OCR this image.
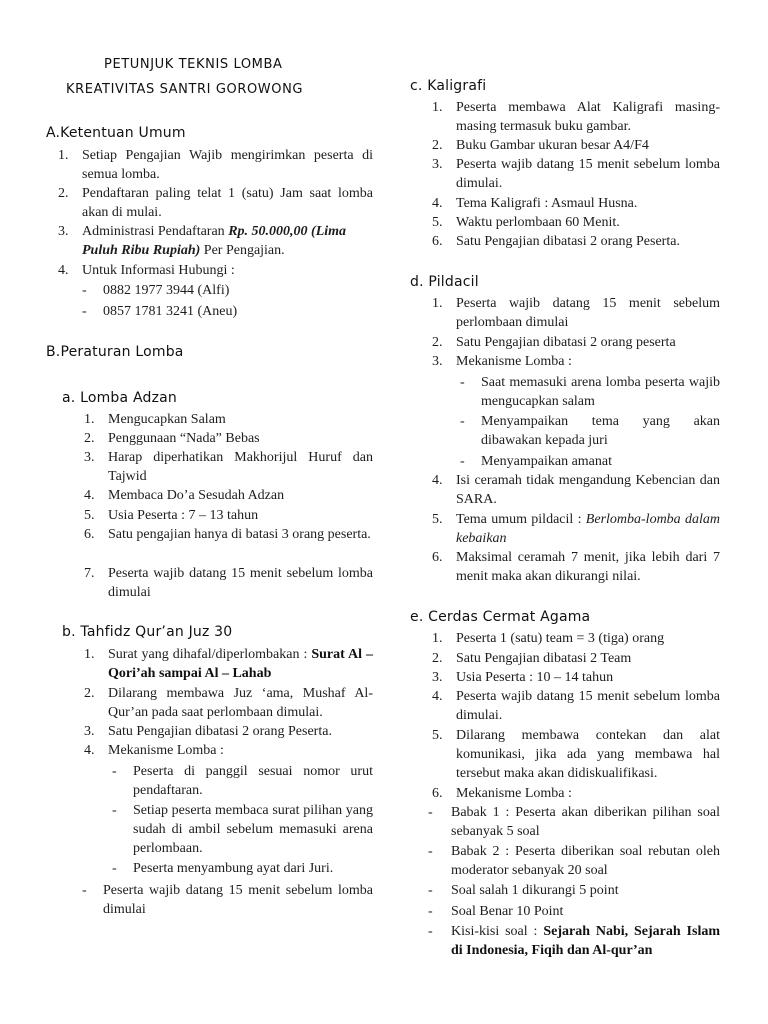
PETUNJUK TEKNIS LOMBA
KREATIVITAS SANTRI GOROWONG
A.Ketentuan Umum
1. Setiap Pengajian Wajib mengirimkan peserta di semua lomba.
2. Pendaftaran paling telat 1 (satu) Jam saat lomba akan di mulai.
3. Administrasi Pendaftaran Rp. 50.000,00 (Lima Puluh Ribu Rupiah) Per Pengajian.
4. Untuk Informasi Hubungi :
- 0882 1977 3944 (Alfi)
- 0857 1781 3241 (Aneu)
B.Peraturan Lomba
a. Lomba Adzan
1. Mengucapkan Salam
2. Penggunaan “Nada” Bebas
3. Harap diperhatikan Makhorijul Huruf dan Tajwid
4. Membaca Do’a Sesudah Adzan
5. Usia Peserta : 7 – 13 tahun
6. Satu pengajian hanya di batasi 3 orang peserta.
7. Peserta wajib datang 15 menit sebelum lomba dimulai
b. Tahfidz Qur’an Juz 30
1. Surat yang dihafal/diperlombakan : Surat Al – Qori’ah sampai Al – Lahab
2. Dilarang membawa Juz ‘ama, Mushaf Al-Qur’an pada saat perlombaan dimulai.
3. Satu Pengajian dibatasi 2 orang Peserta.
4. Mekanisme Lomba :
- Peserta di panggil sesuai nomor urut pendaftaran.
- Setiap peserta membaca surat pilihan yang sudah di ambil sebelum memasuki arena perlombaan.
- Peserta menyambung ayat dari Juri.
- Peserta wajib datang 15 menit sebelum lomba dimulai
c. Kaligrafi
1. Peserta membawa Alat Kaligrafi masing-masing termasuk buku gambar.
2. Buku Gambar ukuran besar A4/F4
3. Peserta wajib datang 15 menit sebelum lomba dimulai.
4. Tema Kaligrafi : Asmaul Husna.
5. Waktu perlombaan 60 Menit.
6. Satu Pengajian dibatasi 2 orang Peserta.
d. Pildacil
1. Peserta wajib datang 15 menit sebelum perlombaan dimulai
2. Satu Pengajian dibatasi 2 orang peserta
3. Mekanisme Lomba :
- Saat memasuki arena lomba peserta wajib mengucapkan salam
- Menyampaikan tema yang akan dibawakan kepada juri
- Menyampaikan amanat
4. Isi ceramah tidak mengandung Kebencian dan SARA.
5. Tema umum pildacil : Berlomba-lomba dalam kebaikan
6. Maksimal ceramah 7 menit, jika lebih dari 7 menit maka akan dikurangi nilai.
e. Cerdas Cermat Agama
1. Peserta 1 (satu) team = 3 (tiga) orang
2. Satu Pengajian dibatasi 2 Team
3. Usia Peserta : 10 – 14 tahun
4. Peserta wajib datang 15 menit sebelum lomba dimulai.
5. Dilarang membawa contekan dan alat komunikasi, jika ada yang membawa hal tersebut maka akan didiskualifikasi.
6. Mekanisme Lomba :
- Babak 1 : Peserta akan diberikan pilihan soal sebanyak 5 soal
- Babak 2 : Peserta diberikan soal rebutan oleh moderator sebanyak 20 soal
- Soal salah 1 dikurangi 5 point
- Soal Benar 10 Point
- Kisi-kisi soal : Sejarah Nabi, Sejarah Islam di Indonesia, Fiqih dan Al-qur’an
